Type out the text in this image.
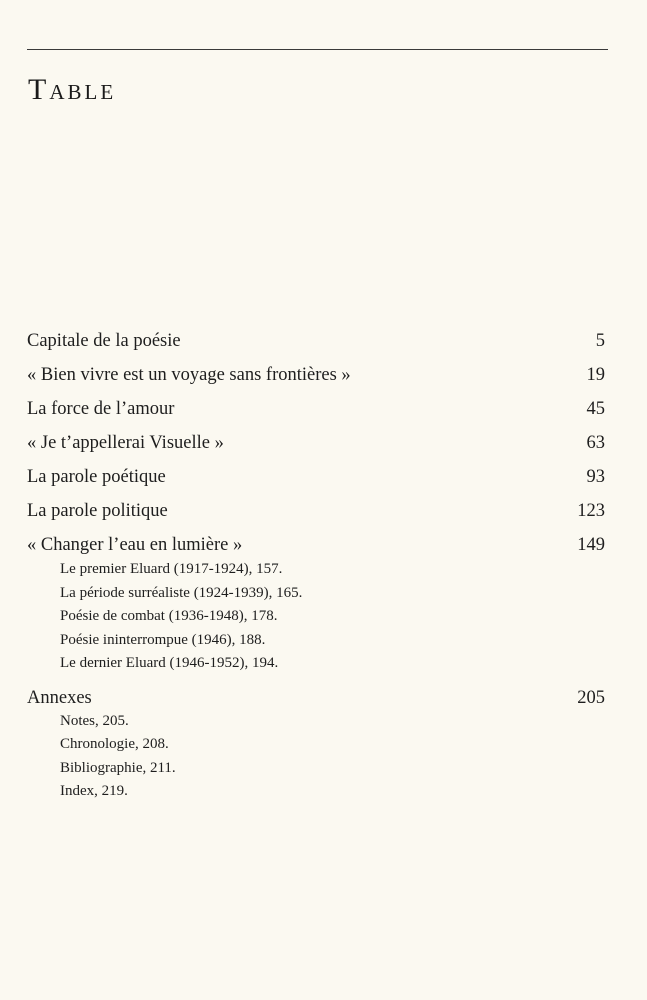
Table
Capitale de la poésie	5
« Bien vivre est un voyage sans frontières »	19
La force de l’amour	45
« Je t’appellerai Visuelle »	63
La parole poétique	93
La parole politique	123
« Changer l’eau en lumière »	149
Le premier Eluard (1917-1924), 157.
La période surréaliste (1924-1939), 165.
Poésie de combat (1936-1948), 178.
Poésie ininterrompue (1946), 188.
Le dernier Eluard (1946-1952), 194.
Annexes	205
Notes, 205.
Chronologie, 208.
Bibliographie, 211.
Index, 219.
